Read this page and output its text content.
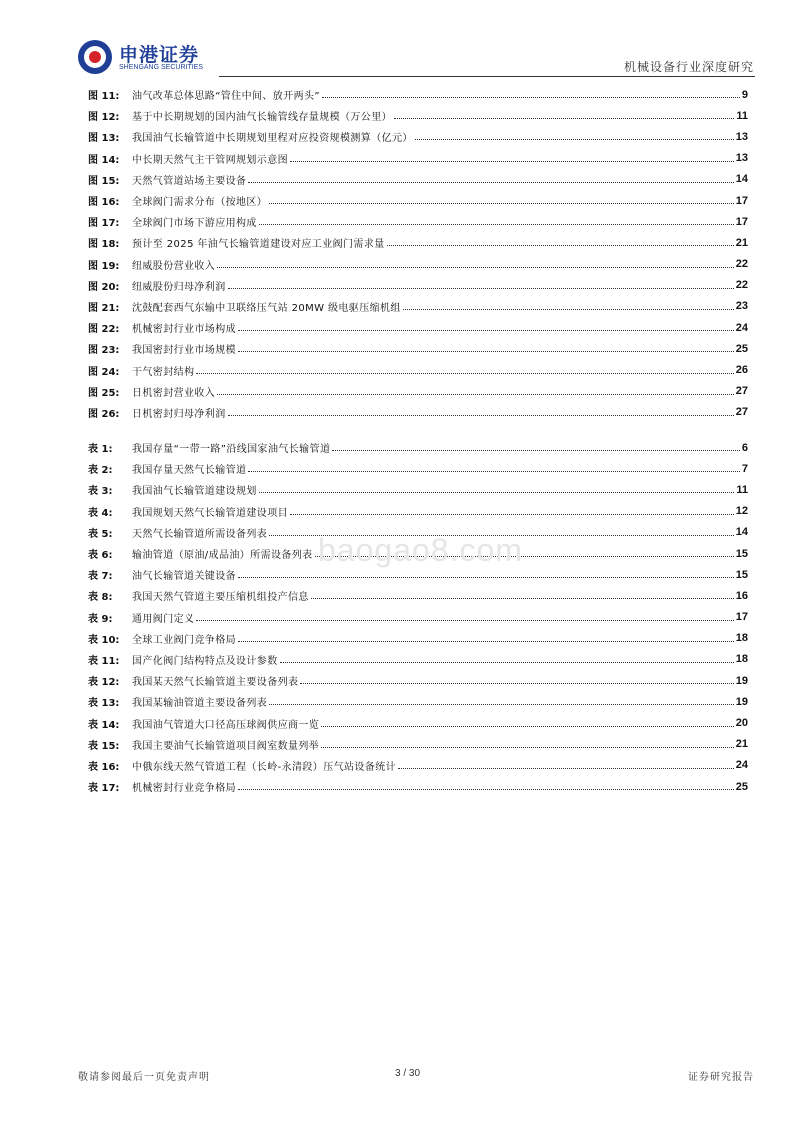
申港证券
SHENGANG SECURITIES	机械设备行业深度研究
图 11:	油气改革总体思路“管住中间、放开两头”	9
图 12:	基于中长期规划的国内油气长输管线存量规模（万公里）	11
图 13:	我国油气长输管道中长期规划里程对应投资规模测算（亿元）	13
图 14:	中长期天然气主干管网规划示意图	13
图 15:	天然气管道站场主要设备	14
图 16:	全球阀门需求分布（按地区）	17
图 17:	全球阀门市场下游应用构成	17
图 18:	预计至 2025 年油气长输管道建设对应工业阀门需求量	21
图 19:	纽威股份营业收入	22
图 20:	纽威股份归母净利润	22
图 21:	沈鼓配套西气东输中卫联络压气站 20MW 级电驱压缩机组	23
图 22:	机械密封行业市场构成	24
图 23:	我国密封行业市场规模	25
图 24:	干气密封结构	26
图 25:	日机密封营业收入	27
图 26:	日机密封归母净利润	27
表 1:	我国存量“一带一路”沿线国家油气长输管道	6
表 2:	我国存量天然气长输管道	7
表 3:	我国油气长输管道建设规划	11
表 4:	我国规划天然气长输管道建设项目	12
表 5:	天然气长输管道所需设备列表	14
表 6:	输油管道（原油/成品油）所需设备列表	15
表 7:	油气长输管道关键设备	15
表 8:	我国天然气管道主要压缩机组投产信息	16
表 9:	通用阀门定义	17
表 10:	全球工业阀门竞争格局	18
表 11:	国产化阀门结构特点及设计参数	18
表 12:	我国某天然气长输管道主要设备列表	19
表 13:	我国某输油管道主要设备列表	19
表 14:	我国油气管道大口径高压球阀供应商一览	20
表 15:	我国主要油气长输管道项目阀室数量列举	21
表 16:	中俄东线天然气管道工程（长岭-永清段）压气站设备统计	24
表 17:	机械密封行业竞争格局	25
baogao8.com
敬请参阅最后一页免责声明	3 / 30	证券研究报告
